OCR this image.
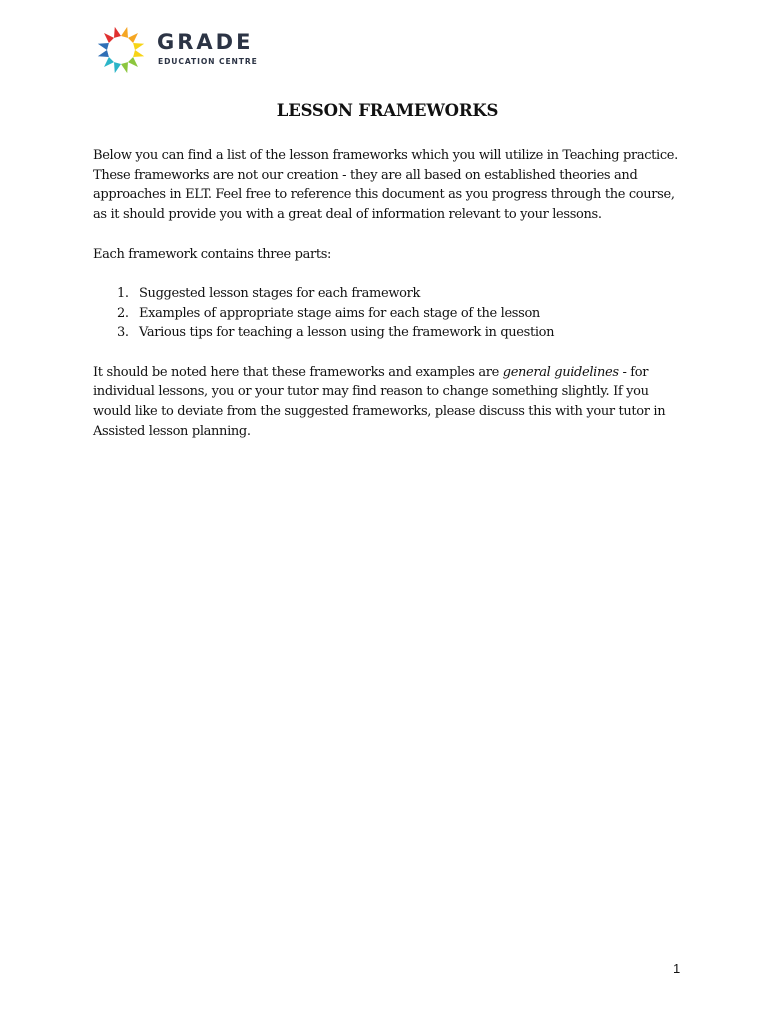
GRADE
EDUCATION CENTRE
LESSON FRAMEWORKS

Below you can find a list of the lesson frameworks which you will utilize in Teaching practice. These frameworks are not our creation - they are all based on established theories and approaches in ELT. Feel free to reference this document as you progress through the course, as it should provide you with a great deal of information relevant to your lessons.

Each framework contains three parts:

1. Suggested lesson stages for each framework
2. Examples of appropriate stage aims for each stage of the lesson
3. Various tips for teaching a lesson using the framework in question

It should be noted here that these frameworks and examples are general guidelines - for individual lessons, you or your tutor may find reason to change something slightly. If you would like to deviate from the suggested frameworks, please discuss this with your tutor in Assisted lesson planning.

1
